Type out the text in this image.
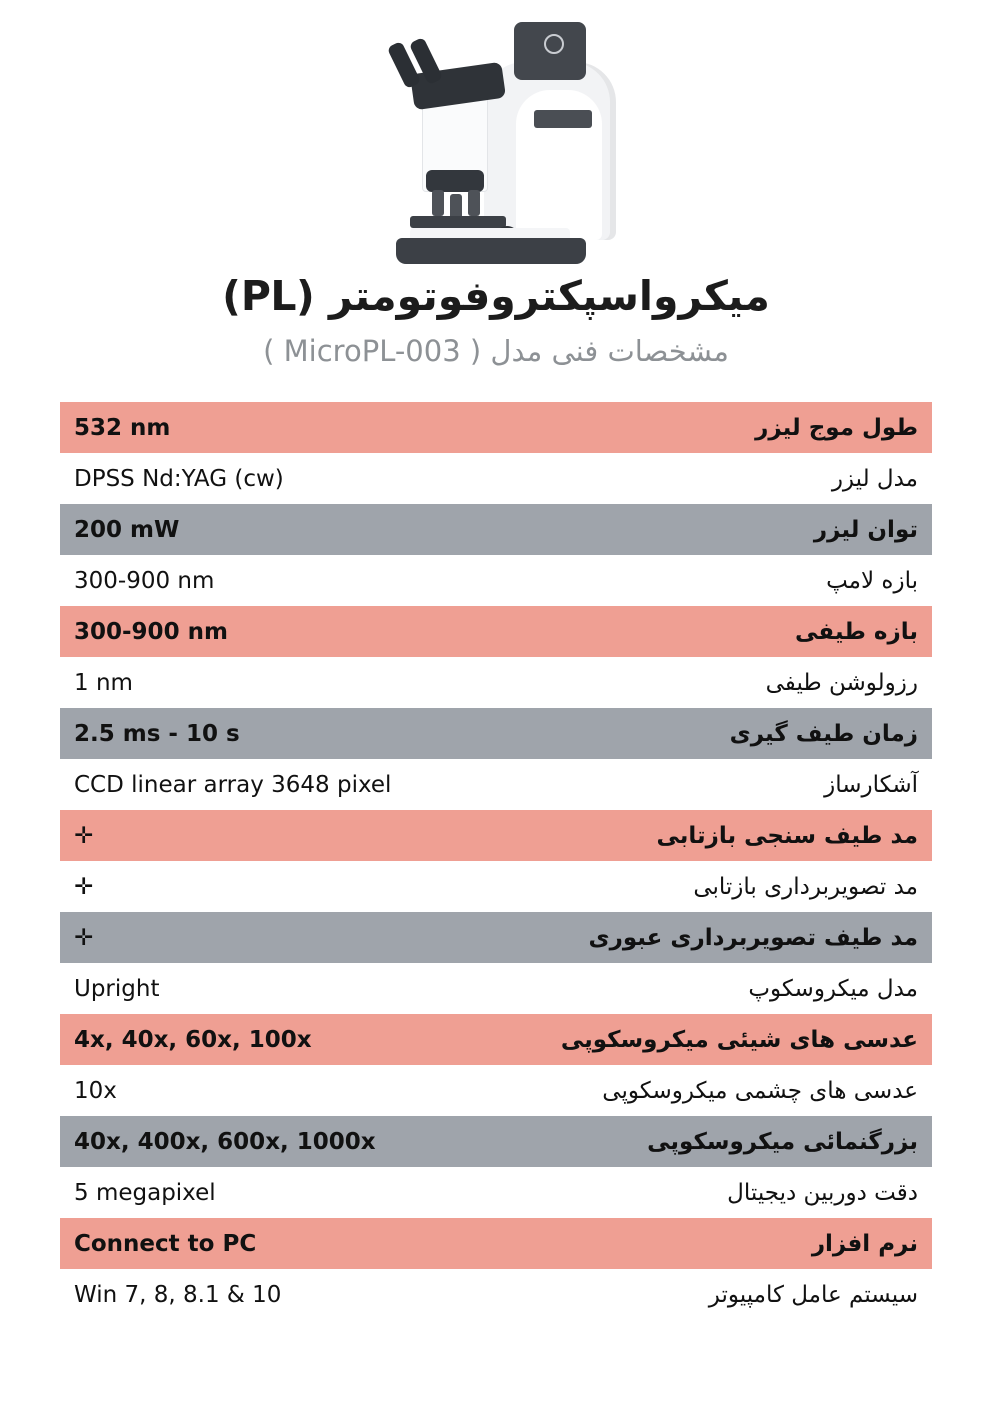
میکرواسپکتروفوتومتر (PL)
مشخصات فنی مدل ( MicroPL-003 )
طول موج لیزر	532 nm
مدل لیزر	DPSS Nd:YAG (cw)
توان لیزر	200 mW
بازه لامپ	300-900 nm
بازه طیفی	300-900 nm
رزولوشن طیفی	1 nm
زمان طیف گیری	2.5 ms - 10 s
آشکارساز	CCD linear array 3648 pixel
مد طیف سنجی بازتابی	✛
مد تصویربرداری بازتابی	✛
مد طیف تصویربرداری عبوری	✛
مدل میکروسکوپ	Upright
عدسی های شیئی میکروسکوپی	4x, 40x, 60x, 100x
عدسی های چشمی میکروسکوپی	10x
بزرگنمائی میکروسکوپی	40x, 400x, 600x, 1000x
دقت دوربین دیجیتال	5 megapixel
نرم افزار	Connect to PC
سیستم عامل کامپیوتر	Win 7, 8, 8.1 & 10
